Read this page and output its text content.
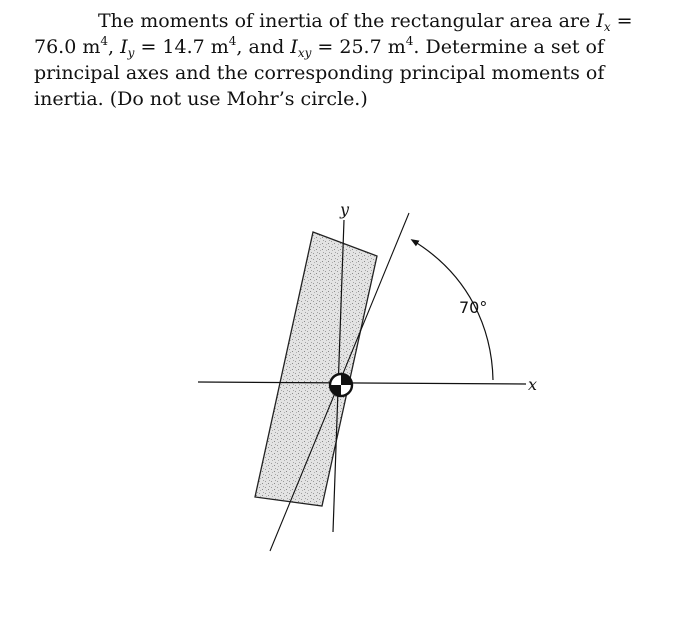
The moments of inertia of the rectangular area are $I_x = 76.0$ $m^4$, $I_y = 14.7$ $m^4$, and $I_{xy} = 25.7$ $m^4$. Determine a set of principal axes and the corresponding principal moments of inertia. (Do not use Mohr’s circle.)

x
y
70°
